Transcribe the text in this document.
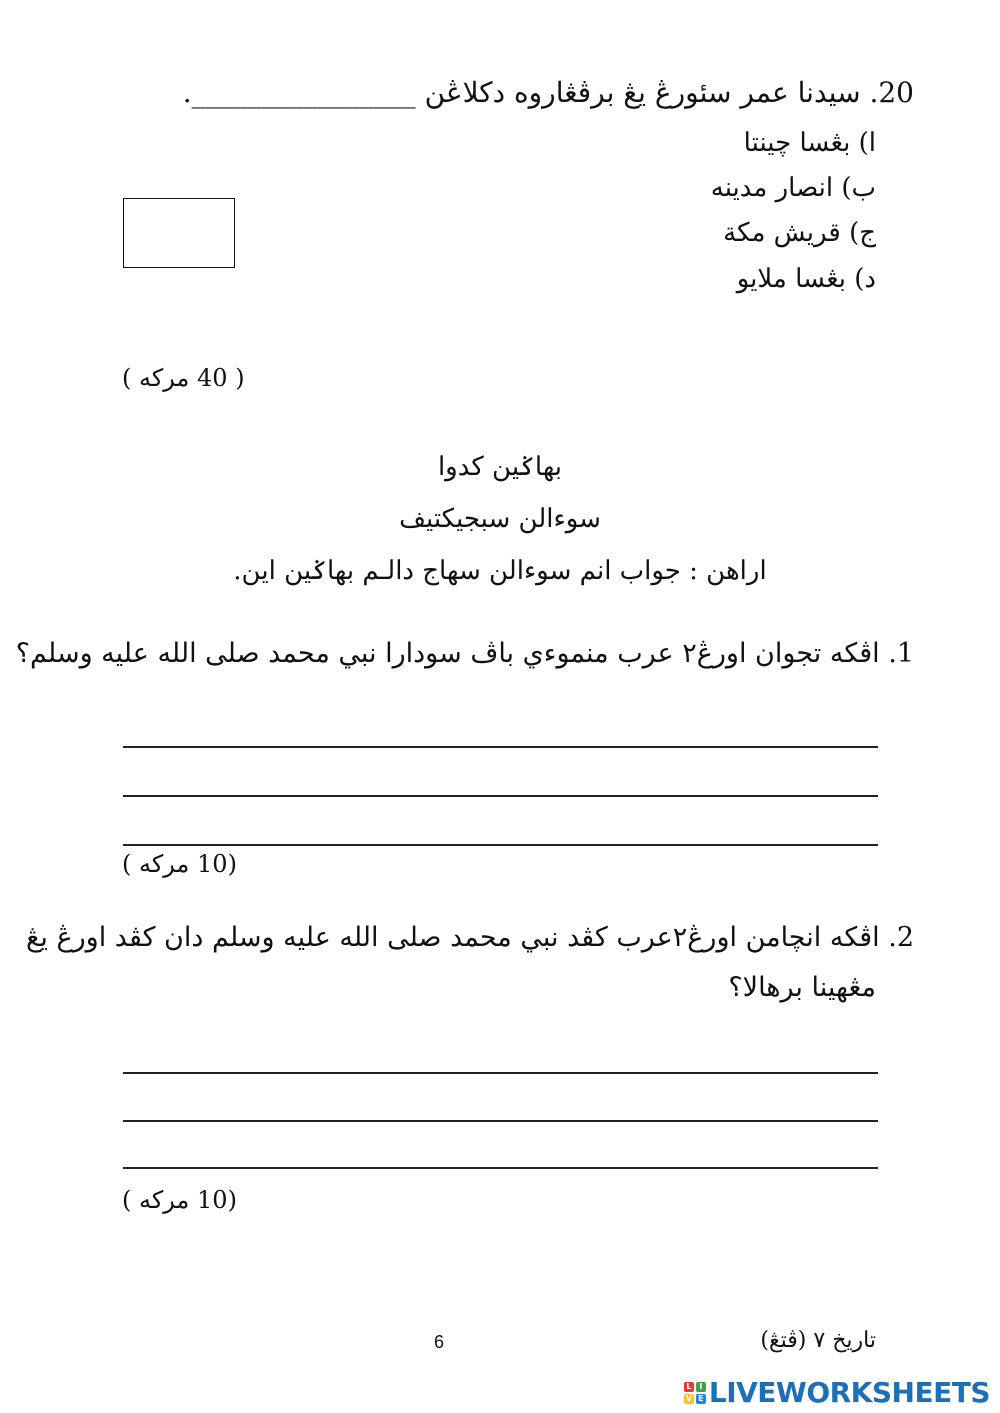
20. سيدنا عمر سئورڠ يڠ برڤڠاروه دكلاڠن ________________.
ا) بڠسا چينتا
ب) انصار مدينه
ج) قريش مكة
د) بڠسا ملايو
( 40 مركه )
بهاݢين كدوا
سوءالن سبجيكتيف
اراهن : جواب انم سوءالن سهاج دالـم بهاݢين اين.
1. اڤكه تجوان اورڠ٢ عرب منموءي باڤ سودارا نبي محمد صلى الله عليه وسلم؟
(10 مركه )
2. اڤكه انچامن اورڠ٢عرب كڤد نبي محمد صلى الله عليه وسلم دان كڤد اورڠ يڠ
مڠهينا برهالا؟
(10 مركه )
6	تاريخ ٧ (ڤتڠ)
L I
V E LIVEWORKSHEETS
